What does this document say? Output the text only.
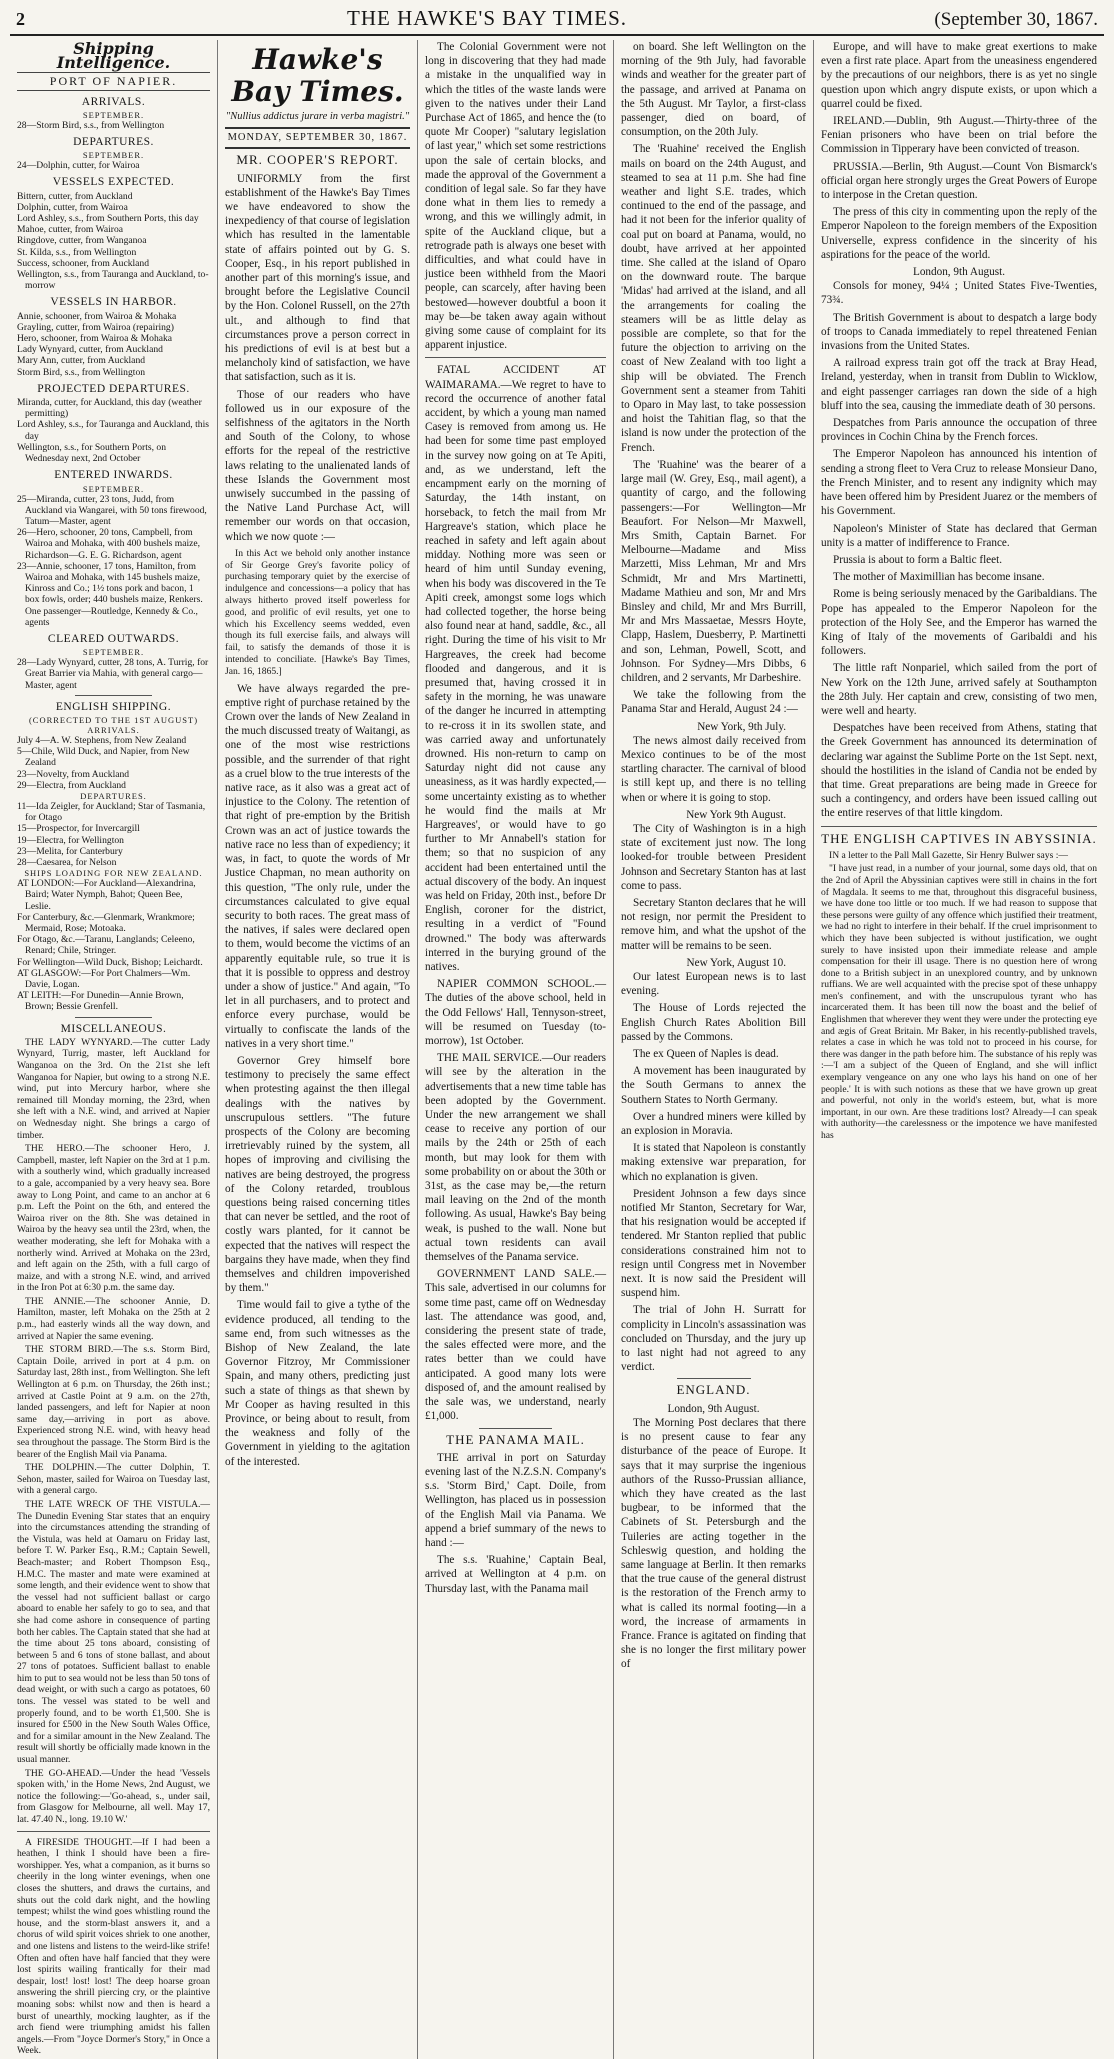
2	THE HAWKE'S BAY TIMES.	(September 30, 1867.
Shipping Intelligence.
PORT OF NAPIER.
ARRIVALS.
SEPTEMBER.
28—Storm Bird, s.s., from Wellington
DEPARTURES.
SEPTEMBER.
24—Dolphin, cutter, for Wairoa
VESSELS EXPECTED.
Bittern, cutter, from Auckland
Dolphin, cutter, from Wairoa
Lord Ashley, s.s., from Southern Ports, this day
Mahoe, cutter, from Wairoa
Ringdove, cutter, from Wanganoa
St. Kilda, s.s., from Wellington
Success, schooner, from Auckland
Wellington, s.s., from Tauranga and Auckland, to-morrow
VESSELS IN HARBOR.
Annie, schooner, from Wairoa & Mohaka
Grayling, cutter, from Wairoa (repairing)
Hero, schooner, from Wairoa & Mohaka
Lady Wynyard, cutter, from Auckland
Mary Ann, cutter, from Auckland
Storm Bird, s.s., from Wellington
PROJECTED DEPARTURES.
Miranda, cutter, for Auckland, this day (weather permitting)
Lord Ashley, s.s., for Tauranga and Auckland, this day
Wellington, s.s., for Southern Ports, on Wednesday next, 2nd October
ENTERED INWARDS.
SEPTEMBER.
25—Miranda, cutter, 23 tons, Judd, from Auckland via Wangarei, with 50 tons firewood, Tatum—Master, agent
26—Hero, schooner, 20 tons, Campbell, from Wairoa and Mohaka, with 400 bushels maize, Richardson—G. E. G. Richardson, agent
23—Annie, schooner, 17 tons, Hamilton, from Wairoa and Mohaka, with 145 bushels maize, Kinross and Co.; 1½ tons pork and bacon, 1 box fowls, order; 440 bushels maize, Renkers. One passenger—Routledge, Kennedy & Co., agents
CLEARED OUTWARDS.
SEPTEMBER.
28—Lady Wynyard, cutter, 28 tons, A. Turrig, for Great Barrier via Mahia, with general cargo—Master, agent
ENGLISH SHIPPING.
(CORRECTED TO THE 1ST AUGUST)
ARRIVALS.
July 4—A. W. Stephens, from New Zealand
5—Chile, Wild Duck, and Napier, from New Zealand
23—Novelty, from Auckland
29—Electra, from Auckland
DEPARTURES.
11—Ida Zeigler, for Auckland; Star of Tasmania, for Otago
15—Prospector, for Invercargill
19—Electra, for Wellington
23—Melita, for Canterbury
28—Caesarea, for Nelson
SHIPS LOADING FOR NEW ZEALAND.
AT LONDON:—For Auckland—Alexandrina, Baird; Water Nymph, Bahot; Queen Bee, Leslie.
For Canterbury, &c.—Glenmark, Wrankmore; Mermaid, Rose; Motoaka.
For Otago, &c.—Taranu, Langlands; Celeeno, Renard; Chile, Stringer.
For Wellington—Wild Duck, Bishop; Leichardt.
AT GLASGOW:—For Port Chalmers—Wm. Davie, Logan.
AT LEITH:—For Dunedin—Annie Brown, Brown; Bessie Grenfell.
MISCELLANEOUS.
THE LADY WYNYARD.—The cutter Lady Wynyard, Turrig, master, left Auckland for Wanganoa on the 3rd. On the 21st she left Wanganoa for Napier, but owing to a strong N.E. wind, put into Mercury harbor, where she remained till Monday morning, the 23rd, when she left with a N.E. wind, and arrived at Napier on Wednesday night. She brings a cargo of timber.
THE HERO.—The schooner Hero, J. Campbell, master, left Napier on the 3rd at 1 p.m. with a southerly wind, which gradually increased to a gale, accompanied by a very heavy sea. Bore away to Long Point, and came to an anchor at 6 p.m. Left the Point on the 6th, and entered the Wairoa river on the 8th. She was detained in Wairoa by the heavy sea until the 23rd, when, the weather moderating, she left for Mohaka with a northerly wind. Arrived at Mohaka on the 23rd, and left again on the 25th, with a full cargo of maize, and with a strong N.E. wind, and arrived in the Iron Pot at 6:30 p.m. the same day.
THE ANNIE.—The schooner Annie, D. Hamilton, master, left Mohaka on the 25th at 2 p.m., had easterly winds all the way down, and arrived at Napier the same evening.
THE STORM BIRD.—The s.s. Storm Bird, Captain Doile, arrived in port at 4 p.m. on Saturday last, 28th inst., from Wellington. She left Wellington at 6 p.m. on Thursday, the 26th inst.; arrived at Castle Point at 9 a.m. on the 27th, landed passengers, and left for Napier at noon same day,—arriving in port as above. Experienced strong N.E. wind, with heavy head sea throughout the passage. The Storm Bird is the bearer of the English Mail via Panama.
THE DOLPHIN.—The cutter Dolphin, T. Sehon, master, sailed for Wairoa on Tuesday last, with a general cargo.
THE LATE WRECK OF THE VISTULA.—The Dunedin Evening Star states that an enquiry into the circumstances attending the stranding of the Vistula, was held at Oamaru on Friday last, before T. W. Parker Esq., R.M.; Captain Sewell, Beach-master; and Robert Thompson Esq., H.M.C. The master and mate were examined at some length, and their evidence went to show that the vessel had not sufficient ballast or cargo aboard to enable her safely to go to sea, and that she had come ashore in consequence of parting both her cables. The Captain stated that she had at the time about 25 tons aboard, consisting of between 5 and 6 tons of stone ballast, and about 27 tons of potatoes. Sufficient ballast to enable him to put to sea would not be less than 50 tons of dead weight, or with such a cargo as potatoes, 60 tons. The vessel was stated to be well and properly found, and to be worth £1,500. She is insured for £500 in the New South Wales Office, and for a similar amount in the New Zealand. The result will shortly be officially made known in the usual manner.
THE GO-AHEAD.—Under the head 'Vessels spoken with,' in the Home News, 2nd August, we notice the following:—'Go-ahead, s., under sail, from Glasgow for Melbourne, all well. May 17, lat. 47.40 N., long. 19.10 W.'

A FIRESIDE THOUGHT.—If I had been a heathen, I think I should have been a fire-worshipper. Yes, what a companion, as it burns so cheerily in the long winter evenings, when one closes the shutters, and draws the curtains, and shuts out the cold dark night, and the howling tempest; whilst the wind goes whistling round the house, and the storm-blast answers it, and a chorus of wild spirit voices shriek to one another, and one listens and listens to the weird-like strife! Often and often have half fancied that they were lost spirits wailing frantically for their mad despair, lost! lost! lost! The deep hoarse groan answering the shrill piercing cry, or the plaintive moaning sobs: whilst now and then is heard a burst of unearthly, mocking laughter, as if the arch fiend were triumphing amidst his fallen angels.—From "Joyce Dormer's Story," in Once a Week.

Hawke's Bay Times.
"Nullius addictus jurare in verba magistri."
MONDAY, SEPTEMBER 30, 1867.
MR. COOPER'S REPORT.

UNIFORMLY from the first establishment of the Hawke's Bay Times we have endeavored to show the inexpediency of that course of legislation which has resulted in the lamentable state of affairs pointed out by G. S. Cooper, Esq., in his report published in another part of this morning's issue, and brought before the Legislative Council by the Hon. Colonel Russell, on the 27th ult., and although to find that circumstances prove a person correct in his predictions of evil is at best but a melancholy kind of satisfaction, we have that satisfaction, such as it is.

Those of our readers who have followed us in our exposure of the selfishness of the agitators in the North and South of the Colony, to whose efforts for the repeal of the restrictive laws relating to the unalienated lands of these Islands the Government most unwisely succumbed in the passing of the Native Land Purchase Act, will remember our words on that occasion, which we now quote :—

In this Act we behold only another instance of Sir George Grey's favorite policy of purchasing temporary quiet by the exercise of indulgence and concessions—a policy that has always hitherto proved itself powerless for good, and prolific of evil results, yet one to which his Excellency seems wedded, even though its full exercise fails, and always will fail, to satisfy the demands of those it is intended to conciliate. [Hawke's Bay Times, Jan. 16, 1865.]

We have always regarded the pre-emptive right of purchase retained by the Crown over the lands of New Zealand in the much discussed treaty of Waitangi, as one of the most wise restrictions possible, and the surrender of that right as a cruel blow to the true interests of the native race, as it also was a great act of injustice to the Colony. The retention of that right of pre-emption by the British Crown was an act of justice towards the native race no less than of expediency; it was, in fact, to quote the words of Mr Justice Chapman, no mean authority on this question, "The only rule, under the circumstances calculated to give equal security to both races. The great mass of the natives, if sales were declared open to them, would become the victims of an apparently equitable rule, so true it is that it is possible to oppress and destroy under a show of justice." And again, "To let in all purchasers, and to protect and enforce every purchase, would be virtually to confiscate the lands of the natives in a very short time."

Governor Grey himself bore testimony to precisely the same effect when protesting against the then illegal dealings with the natives by unscrupulous settlers. "The future prospects of the Colony are becoming irretrievably ruined by the system, all hopes of improving and civilising the natives are being destroyed, the progress of the Colony retarded, troublous questions being raised concerning titles that can never be settled, and the root of costly wars planted, for it cannot be expected that the natives will respect the bargains they have made, when they find themselves and children impoverished by them."

Time would fail to give a tythe of the evidence produced, all tending to the same end, from such witnesses as the Bishop of New Zealand, the late Governor Fitzroy, Mr Commissioner Spain, and many others, predicting just such a state of things as that shewn by Mr Cooper as having resulted in this Province, or being about to result, from the weakness and folly of the Government in yielding to the agitation of the interested.

The Colonial Government were not long in discovering that they had made a mistake in the unqualified way in which the titles of the waste lands were given to the natives under their Land Purchase Act of 1865, and hence the (to quote Mr Cooper) "salutary legislation of last year," which set some restrictions upon the sale of certain blocks, and made the approval of the Government a condition of legal sale. So far they have done what in them lies to remedy a wrong, and this we willingly admit, in spite of the Auckland clique, but a retrograde path is always one beset with difficulties, and what could have in justice been withheld from the Maori people, can scarcely, after having been bestowed—however doubtful a boon it may be—be taken away again without giving some cause of complaint for its apparent injustice.

FATAL ACCIDENT AT WAIMARAMA.—We regret to have to record the occurrence of another fatal accident, by which a young man named Casey is removed from among us. He had been for some time past employed in the survey now going on at Te Apiti, and, as we understand, left the encampment early on the morning of Saturday, the 14th instant, on horseback, to fetch the mail from Mr Hargreave's station, which place he reached in safety and left again about midday. Nothing more was seen or heard of him until Sunday evening, when his body was discovered in the Te Apiti creek, amongst some logs which had collected together, the horse being also found near at hand, saddle, &c., all right. During the time of his visit to Mr Hargreaves, the creek had become flooded and dangerous, and it is presumed that, having crossed it in safety in the morning, he was unaware of the danger he incurred in attempting to re-cross it in its swollen state, and was carried away and unfortunately drowned. His non-return to camp on Saturday night did not cause any uneasiness, as it was hardly expected,—some uncertainty existing as to whether he would find the mails at Mr Hargreaves', or would have to go further to Mr Annabell's station for them; so that no suspicion of any accident had been entertained until the actual discovery of the body. An inquest was held on Friday, 20th inst., before Dr English, coroner for the district, resulting in a verdict of "Found drowned." The body was afterwards interred in the burying ground of the natives.

NAPIER COMMON SCHOOL.—The duties of the above school, held in the Odd Fellows' Hall, Tennyson-street, will be resumed on Tuesday (to-morrow), 1st October.

THE MAIL SERVICE.—Our readers will see by the alteration in the advertisements that a new time table has been adopted by the Government. Under the new arrangement we shall cease to receive any portion of our mails by the 24th or 25th of each month, but may look for them with some probability on or about the 30th or 31st, as the case may be,—the return mail leaving on the 2nd of the month following. As usual, Hawke's Bay being weak, is pushed to the wall. None but actual town residents can avail themselves of the Panama service.

GOVERNMENT LAND SALE.—This sale, advertised in our columns for some time past, came off on Wednesday last. The attendance was good, and, considering the present state of trade, the sales effected were more, and the rates better than we could have anticipated. A good many lots were disposed of, and the amount realised by the sale was, we understand, nearly £1,000.

THE PANAMA MAIL.

THE arrival in port on Saturday evening last of the N.Z.S.N. Company's s.s. 'Storm Bird,' Capt. Doile, from Wellington, has placed us in possession of the English Mail via Panama. We append a brief summary of the news to hand :—

The s.s. 'Ruahine,' Captain Beal, arrived at Wellington at 4 p.m. on Thursday last, with the Panama mail

on board. She left Wellington on the morning of the 9th July, had favorable winds and weather for the greater part of the passage, and arrived at Panama on the 5th August. Mr Taylor, a first-class passenger, died on board, of consumption, on the 20th July.

The 'Ruahine' received the English mails on board on the 24th August, and steamed to sea at 11 p.m. She had fine weather and light S.E. trades, which continued to the end of the passage, and had it not been for the inferior quality of coal put on board at Panama, would, no doubt, have arrived at her appointed time. She called at the island of Oparo on the downward route. The barque 'Midas' had arrived at the island, and all the arrangements for coaling the steamers will be as little delay as possible are complete, so that for the future the objection to arriving on the coast of New Zealand with too light a ship will be obviated. The French Government sent a steamer from Tahiti to Oparo in May last, to take possession and hoist the Tahitian flag, so that the island is now under the protection of the French.

The 'Ruahine' was the bearer of a large mail (W. Grey, Esq., mail agent), a quantity of cargo, and the following passengers:—For Wellington—Mr Beaufort. For Nelson—Mr Maxwell, Mrs Smith, Captain Barnet. For Melbourne—Madame and Miss Marzetti, Miss Lehman, Mr and Mrs Schmidt, Mr and Mrs Martinetti, Madame Mathieu and son, Mr and Mrs Binsley and child, Mr and Mrs Burrill, Mr and Mrs Massaetae, Messrs Hoyte, Clapp, Haslem, Duesberry, P. Martinetti and son, Lehman, Powell, Scott, and Johnson. For Sydney—Mrs Dibbs, 6 children, and 2 servants, Mr Darbeshire.

We take the following from the Panama Star and Herald, August 24 :—

New York, 9th July.

The news almost daily received from Mexico continues to be of the most startling character. The carnival of blood is still kept up, and there is no telling when or where it is going to stop.

New York 9th August.

The City of Washington is in a high state of excitement just now. The long looked-for trouble between President Johnson and Secretary Stanton has at last come to pass.

Secretary Stanton declares that he will not resign, nor permit the President to remove him, and what the upshot of the matter will be remains to be seen.

New York, August 10.

Our latest European news is to last evening.

The House of Lords rejected the English Church Rates Abolition Bill passed by the Commons.

The ex Queen of Naples is dead.

A movement has been inaugurated by the South Germans to annex the Southern States to North Germany.

Over a hundred miners were killed by an explosion in Moravia.

It is stated that Napoleon is constantly making extensive war preparation, for which no explanation is given.

President Johnson a few days since notified Mr Stanton, Secretary for War, that his resignation would be accepted if tendered. Mr Stanton replied that public considerations constrained him not to resign until Congress met in November next. It is now said the President will suspend him.

The trial of John H. Surratt for complicity in Lincoln's assassination was concluded on Thursday, and the jury up to last night had not agreed to any verdict.

ENGLAND.
London, 9th August.

The Morning Post declares that there is no present cause to fear any disturbance of the peace of Europe. It says that it may surprise the ingenious authors of the Russo-Prussian alliance, which they have created as the last bugbear, to be informed that the Cabinets of St. Petersburgh and the Tuileries are acting together in the Schleswig question, and holding the same language at Berlin. It then remarks that the true cause of the general distrust is the restoration of the French army to what is called its normal footing—in a word, the increase of armaments in France. France is agitated on finding that she is no longer the first military power of

Europe, and will have to make great exertions to make even a first rate place. Apart from the uneasiness engendered by the precautions of our neighbors, there is as yet no single question upon which angry dispute exists, or upon which a quarrel could be fixed.

IRELAND.—Dublin, 9th August.—Thirty-three of the Fenian prisoners who have been on trial before the Commission in Tipperary have been convicted of treason.

PRUSSIA.—Berlin, 9th August.—Count Von Bismarck's official organ here strongly urges the Great Powers of Europe to interpose in the Cretan question.

The press of this city in commenting upon the reply of the Emperor Napoleon to the foreign members of the Exposition Universelle, express confidence in the sincerity of his aspirations for the peace of the world.

London, 9th August.

Consols for money, 94¼ ; United States Five-Twenties, 73¾.

The British Government is about to despatch a large body of troops to Canada immediately to repel threatened Fenian invasions from the United States.

A railroad express train got off the track at Bray Head, Ireland, yesterday, when in transit from Dublin to Wicklow, and eight passenger carriages ran down the side of a high bluff into the sea, causing the immediate death of 30 persons.

Despatches from Paris announce the occupation of three provinces in Cochin China by the French forces.

The Emperor Napoleon has announced his intention of sending a strong fleet to Vera Cruz to release Monsieur Dano, the French Minister, and to resent any indignity which may have been offered him by President Juarez or the members of his Government.

Napoleon's Minister of State has declared that German unity is a matter of indifference to France.

Prussia is about to form a Baltic fleet.

The mother of Maximillian has become insane.

Rome is being seriously menaced by the Garibaldians. The Pope has appealed to the Emperor Napoleon for the protection of the Holy See, and the Emperor has warned the King of Italy of the movements of Garibaldi and his followers.

The little raft Nonpariel, which sailed from the port of New York on the 12th June, arrived safely at Southampton the 28th July. Her captain and crew, consisting of two men, were well and hearty.

Despatches have been received from Athens, stating that the Greek Government has announced its determination of declaring war against the Sublime Porte on the 1st Sept. next, should the hostilities in the island of Candia not be ended by that time. Great preparations are being made in Greece for such a contingency, and orders have been issued calling out the entire reserves of that little kingdom.

THE ENGLISH CAPTIVES IN ABYSSINIA.

IN a letter to the Pall Mall Gazette, Sir Henry Bulwer says :—

"I have just read, in a number of your journal, some days old, that on the 2nd of April the Abyssinian captives were still in chains in the fort of Magdala. It seems to me that, throughout this disgraceful business, we have done too little or too much. If we had reason to suppose that these persons were guilty of any offence which justified their treatment, we had no right to interfere in their behalf. If the cruel imprisonment to which they have been subjected is without justification, we ought surely to have insisted upon their immediate release and ample compensation for their ill usage. There is no question here of wrong done to a British subject in an unexplored country, and by unknown ruffians. We are well acquainted with the precise spot of these unhappy men's confinement, and with the unscrupulous tyrant who has incarcerated them. It has been till now the boast and the belief of Englishmen that wherever they went they were under the protecting eye and ægis of Great Britain. Mr Baker, in his recently-published travels, relates a case in which he was told not to proceed in his course, for there was danger in the path before him. The substance of his reply was :—'I am a subject of the Queen of England, and she will inflict exemplary vengeance on any one who lays his hand on one of her people.' It is with such notions as these that we have grown up great and powerful, not only in the world's esteem, but, what is more important, in our own. Are these traditions lost? Already—I can speak with authority—the carelessness or the impotence we have manifested has
